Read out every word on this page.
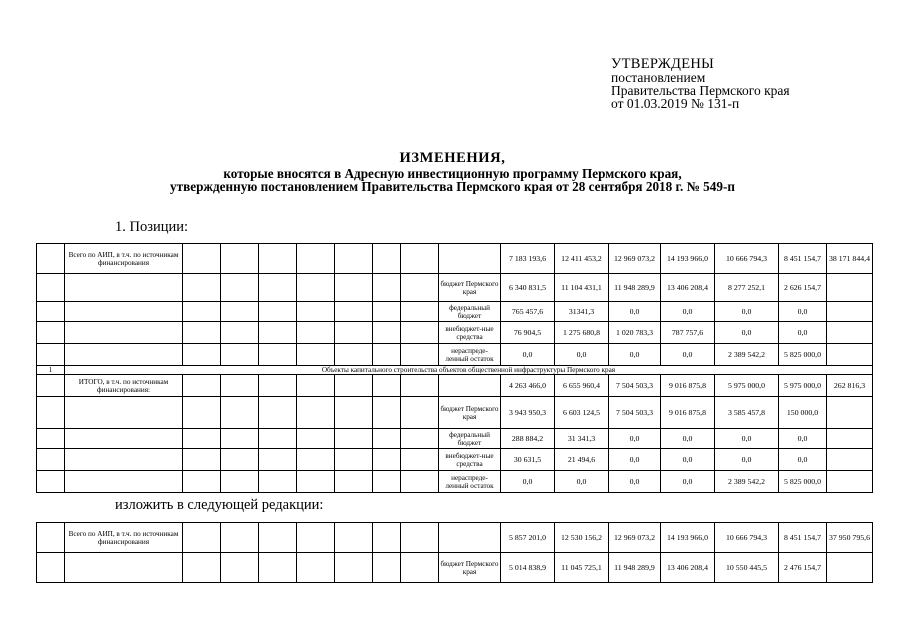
УТВЕРЖДЕНЫ
постановлением
Правительства Пермского края
от 01.03.2019 № 131-п
ИЗМЕНЕНИЯ,
которые вносятся в Адресную инвестиционную программу Пермского края,
утвержденную постановлением Правительства Пермского края от 28 сентября 2018 г. № 549-п
1. Позиции:
	Всего по АИП, в т.ч. по источникам финансирования									7 183 193,6	12 411 453,2	12 969 073,2	14 193 966,0	10 666 794,3	8 451 154,7	38 171 844,4
									бюджет Пермского края	6 340 831,5	11 104 431,1	11 948 289,9	13 406 208,4	8 277 252,1	2 626 154,7	
									федеральный бюджет	765 457,6	31341,3	0,0	0,0	0,0	0,0	
									внебюджет-ные средства	76 904,5	1 275 680,8	1 020 783,3	787 757,6	0,0	0,0	
									нераспреде-ленный остаток	0,0	0,0	0,0	0,0	2 389 542,2	5 825 000,0	
1	Объекты капитального строительства объектов общественной инфраструктуры Пермского края															
	ИТОГО, в т.ч. по источникам финансирования:									4 263 466,0	6 655 960,4	7 504 503,3	9 016 875,8	5 975 000,0	5 975 000,0	262 816,3
									бюджет Пермского края	3 943 950,3	6 603 124,5	7 504 503,3	9 016 875,8	3 585 457,8	150 000,0	
									федеральный бюджет	288 884,2	31 341,3	0,0	0,0	0,0	0,0	
									внебюджет-ные средства	30 631,5	21 494,6	0,0	0,0	0,0	0,0	
									нераспреде-ленный остаток	0,0	0,0	0,0	0,0	2 389 542,2	5 825 000,0	
изложить в следующей редакции:
	Всего по АИП, в т.ч. по источникам финансирования									5 857 201,0	12 530 156,2	12 969 073,2	14 193 966,0	10 666 794,3	8 451 154,7	37 950 795,6
									бюджет Пермского края	5 014 838,9	11 045 725,1	11 948 289,9	13 406 208,4	10 550 445,5	2 476 154,7	
